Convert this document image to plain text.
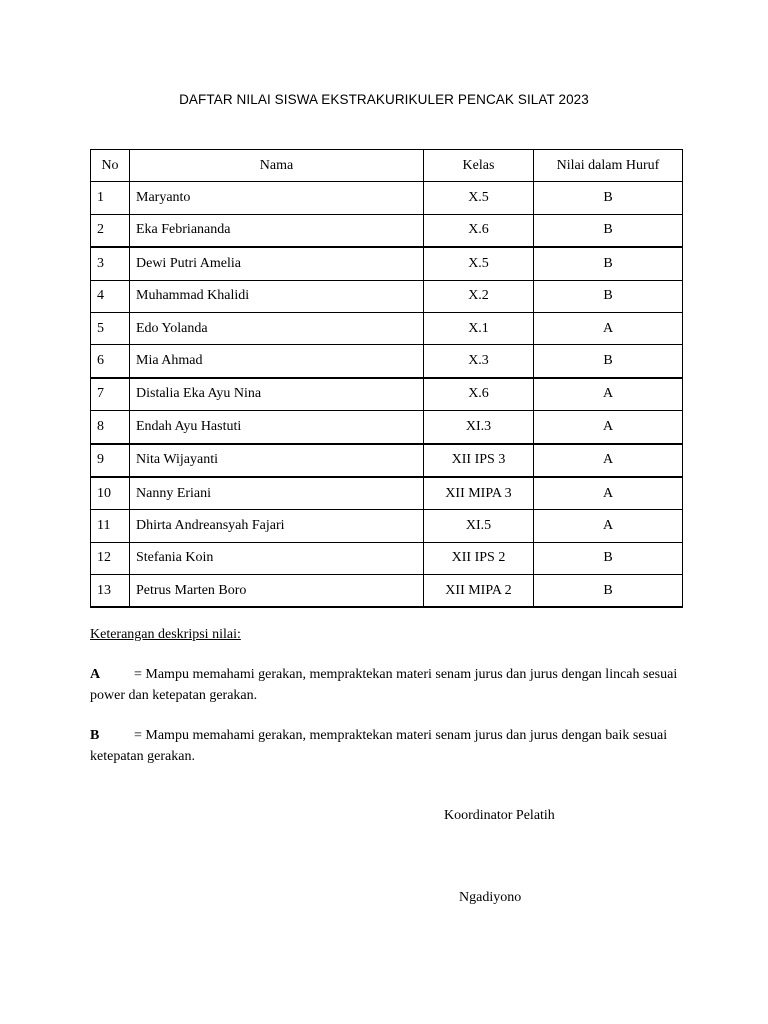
DAFTAR NILAI SISWA EKSTRAKURIKULER PENCAK SILAT 2023
No	Nama	Kelas	Nilai dalam Huruf
1	Maryanto	X.5	B
2	Eka Febriananda	X.6	B
3	Dewi Putri Amelia	X.5	B
4	Muhammad Khalidi	X.2	B
5	Edo Yolanda	X.1	A
6	Mia Ahmad	X.3	B
7	Distalia Eka Ayu Nina	X.6	A
8	Endah Ayu Hastuti	XI.3	A
9	Nita Wijayanti	XII IPS 3	A
10	Nanny Eriani	XII MIPA 3	A
11	Dhirta Andreansyah Fajari	XI.5	A
12	Stefania Koin	XII IPS 2	B
13	Petrus Marten Boro	XII MIPA 2	B
Keterangan deskripsi nilai:
A = Mampu memahami gerakan, mempraktekan materi senam jurus dan jurus dengan lincah sesuai power dan ketepatan gerakan.
B = Mampu memahami gerakan, mempraktekan materi senam jurus dan jurus dengan baik sesuai ketepatan gerakan.
Koordinator Pelatih
Ngadiyono
